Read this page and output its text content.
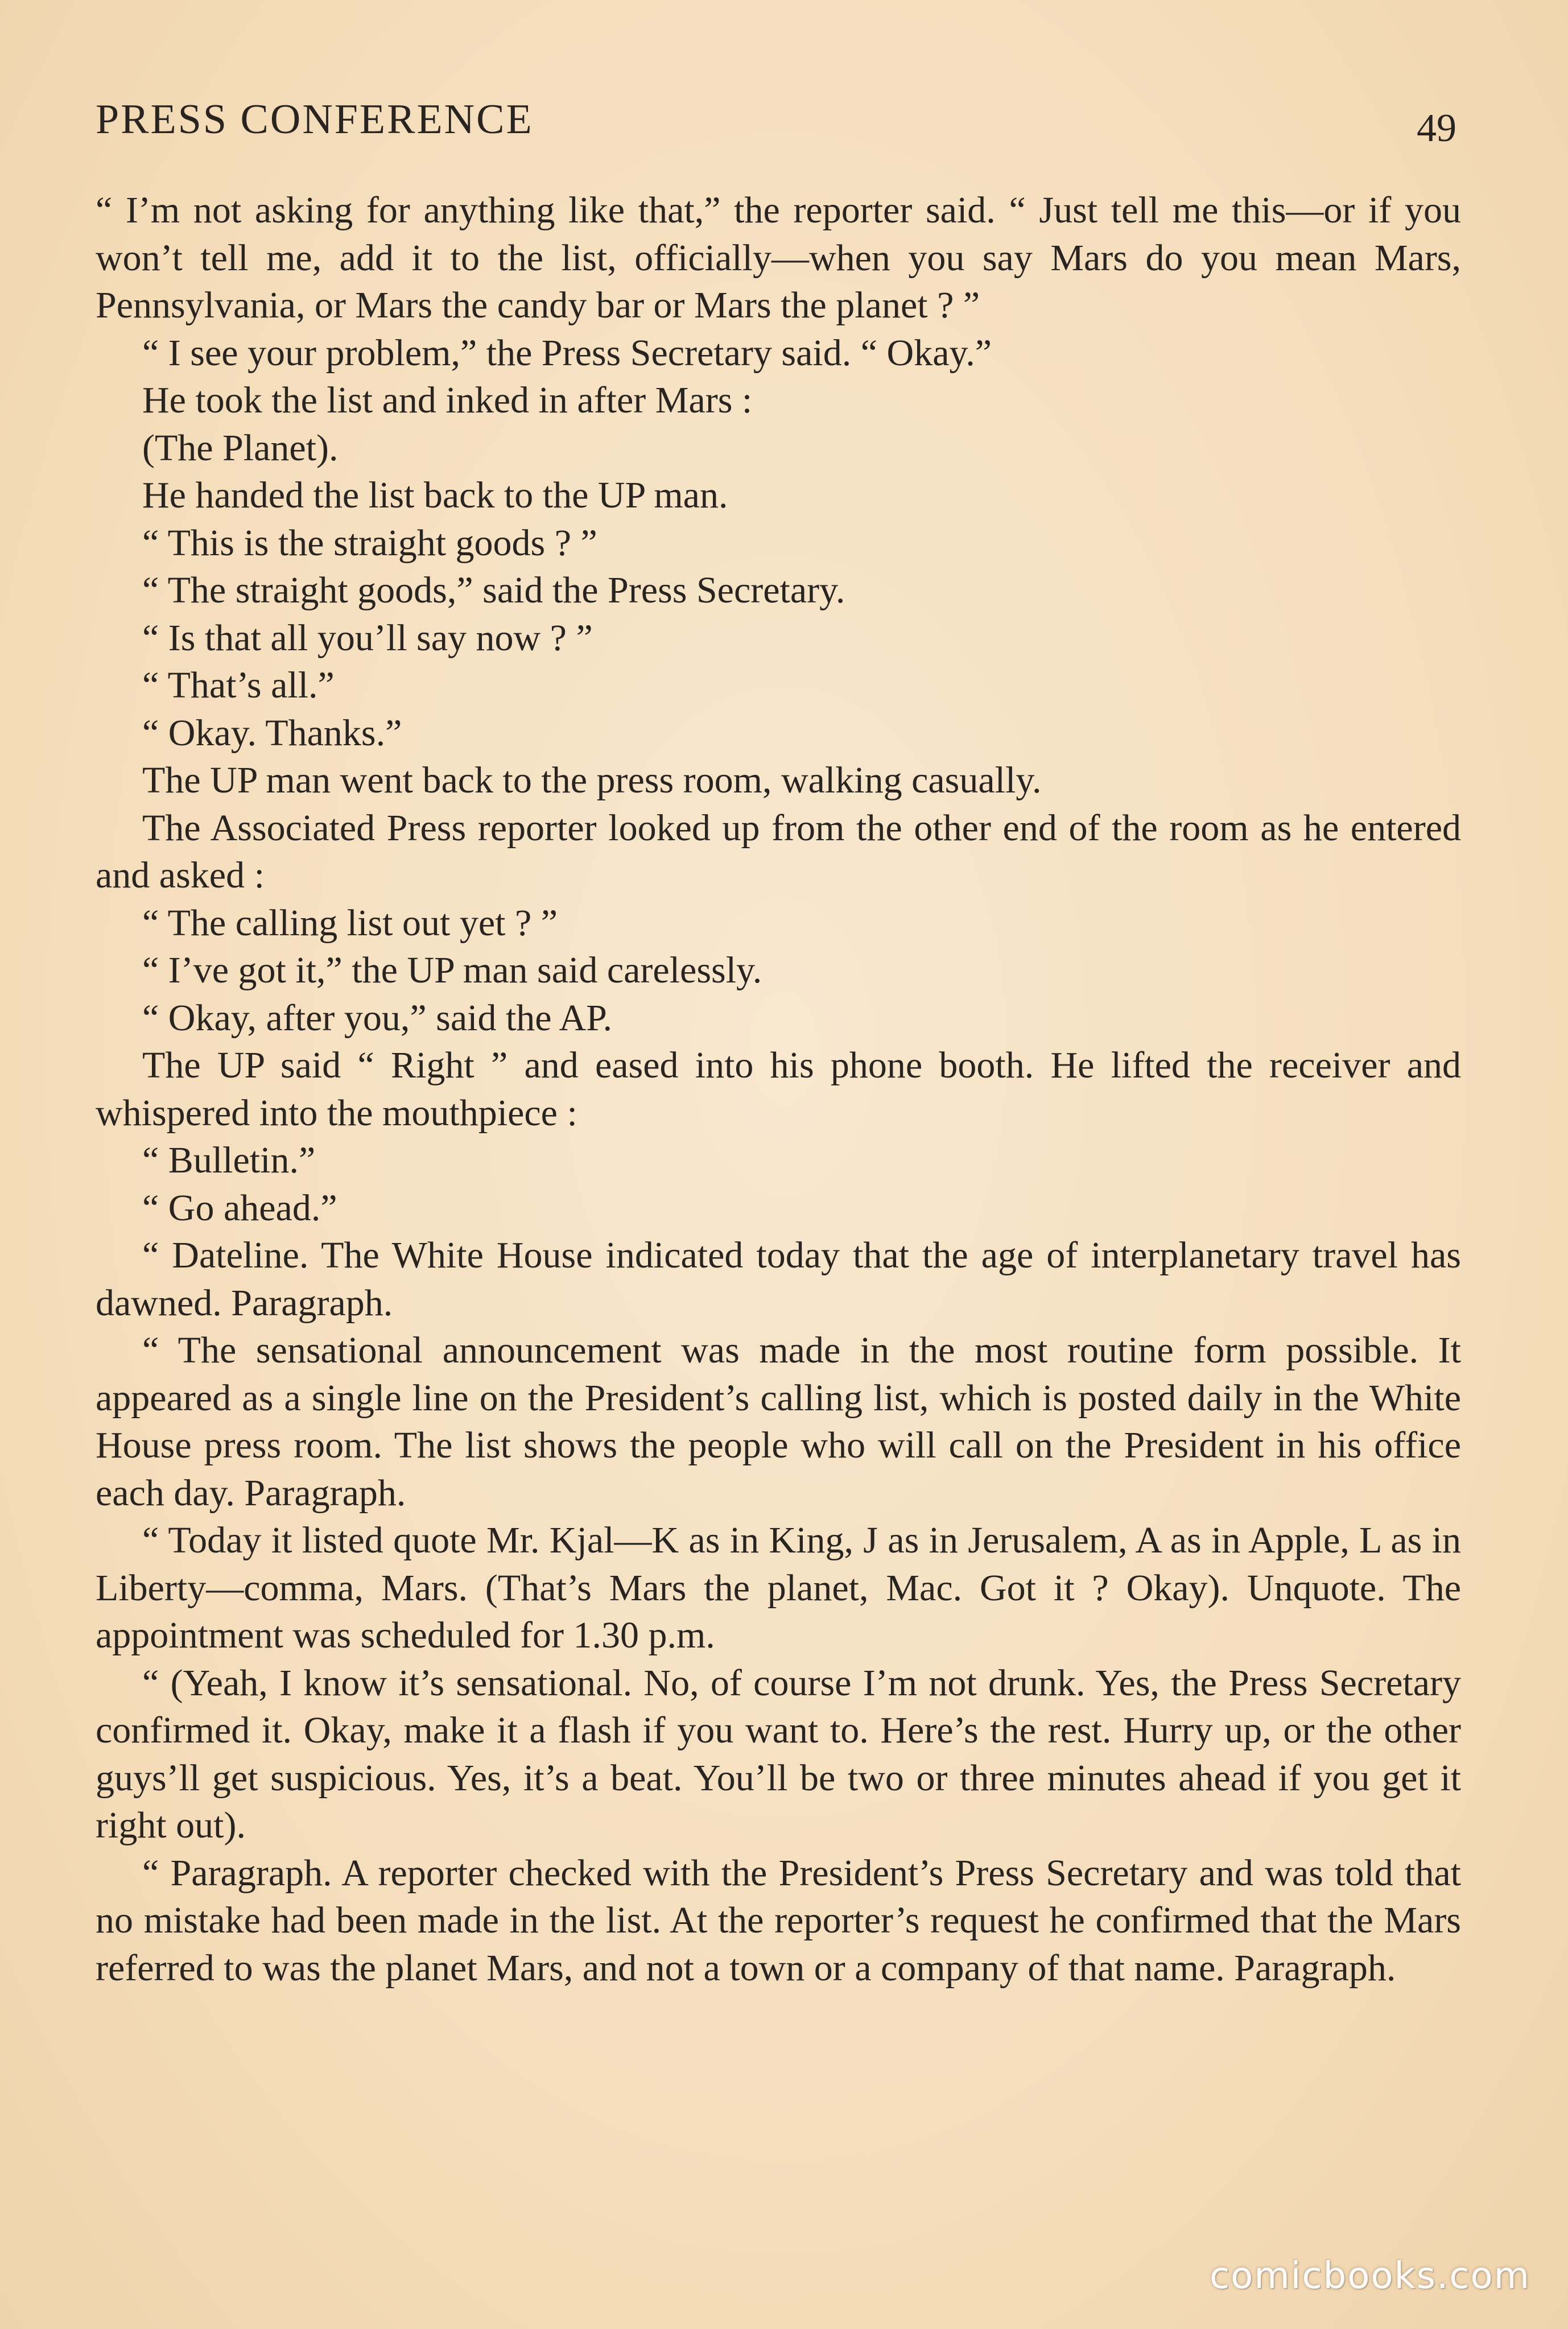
PRESS CONFERENCE	49

“ I’m not asking for anything like that,” the reporter said. “ Just tell me this—or if you won’t tell me, add it to the list, officially—when you say Mars do you mean Mars, Pennsylvania, or Mars the candy bar or Mars the planet ? ”

“ I see your problem,” the Press Secretary said. “ Okay.”

He took the list and inked in after Mars :

(The Planet).

He handed the list back to the UP man.

“ This is the straight goods ? ”

“ The straight goods,” said the Press Secretary.

“ Is that all you’ll say now ? ”

“ That’s all.”

“ Okay. Thanks.”

The UP man went back to the press room, walking casually.

The Associated Press reporter looked up from the other end of the room as he entered and asked :

“ The calling list out yet ? ”

“ I’ve got it,” the UP man said carelessly.

“ Okay, after you,” said the AP.

The UP said “ Right ” and eased into his phone booth. He lifted the receiver and whispered into the mouthpiece :

“ Bulletin.”

“ Go ahead.”

“ Dateline. The White House indicated today that the age of interplanetary travel has dawned. Paragraph.

“ The sensational announcement was made in the most routine form possible. It appeared as a single line on the President’s calling list, which is posted daily in the White House press room. The list shows the people who will call on the President in his office each day. Paragraph.

“ Today it listed quote Mr. Kjal—K as in King, J as in Jerusalem, A as in Apple, L as in Liberty—comma, Mars. (That’s Mars the planet, Mac. Got it ? Okay). Unquote. The appointment was scheduled for 1.30 p.m.

“ (Yeah, I know it’s sensational. No, of course I’m not drunk. Yes, the Press Secretary confirmed it. Okay, make it a flash if you want to. Here’s the rest. Hurry up, or the other guys’ll get suspicious. Yes, it’s a beat. You’ll be two or three minutes ahead if you get it right out).

“ Paragraph. A reporter checked with the President’s Press Secretary and was told that no mistake had been made in the list. At the reporter’s request he confirmed that the Mars referred to was the planet Mars, and not a town or a company of that name. Paragraph.

comicbooks.com
